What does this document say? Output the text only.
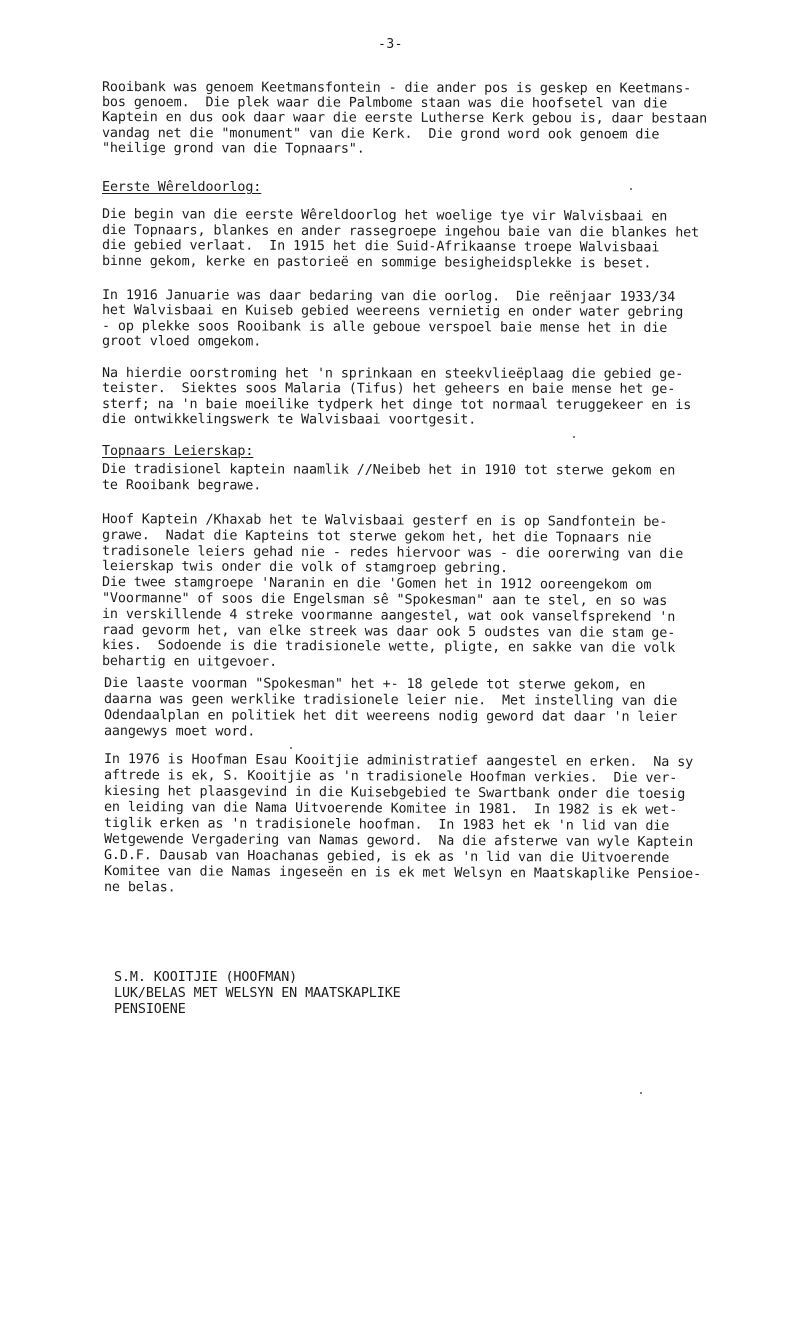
-3-
Rooibank was genoem Keetmansfontein - die ander pos is geskep en Keetmans-
bos genoem.  Die plek waar die Palmbome staan was die hoofsetel van die
Kaptein en dus ook daar waar die eerste Lutherse Kerk gebou is, daar bestaan
vandag net die "monument" van die Kerk.  Die grond word ook genoem die
"heilige grond van die Topnaars".
Eerste Wêreldoorlog:
Die begin van die eerste Wêreldoorlog het woelige tye vir Walvisbaai en
die Topnaars, blankes en ander rassegroepe ingehou baie van die blankes het
die gebied verlaat.  In 1915 het die Suid-Afrikaanse troepe Walvisbaai
binne gekom, kerke en pastorieë en sommige besigheidsplekke is beset.
In 1916 Januarie was daar bedaring van die oorlog.  Die reënjaar 1933/34
het Walvisbaai en Kuiseb gebied weereens vernietig en onder water gebring
- op plekke soos Rooibank is alle geboue verspoel baie mense het in die
groot vloed omgekom.
Na hierdie oorstroming het 'n sprinkaan en steekvlieëplaag die gebied ge-
teister.  Siektes soos Malaria (Tifus) het geheers en baie mense het ge-
sterf; na 'n baie moeilike tydperk het dinge tot normaal teruggekeer en is
die ontwikkelingswerk te Walvisbaai voortgesit.
Topnaars Leierskap:
Die tradisionel kaptein naamlik //Neibeb het in 1910 tot sterwe gekom en
te Rooibank begrawe.
Hoof Kaptein /Khaxab het te Walvisbaai gesterf en is op Sandfontein be-
grawe.  Nadat die Kapteins tot sterwe gekom het, het die Topnaars nie
tradisonele leiers gehad nie - redes hiervoor was - die oorerwing van die
leierskap twis onder die volk of stamgroep gebring.
Die twee stamgroepe 'Naranin en die 'Gomen het in 1912 ooreengekom om
"Voormanne" of soos die Engelsman sê "Spokesman" aan te stel, en so was
in verskillende 4 streke voormanne aangestel, wat ook vanselfsprekend 'n
raad gevorm het, van elke streek was daar ook 5 oudstes van die stam ge-
kies.  Sodoende is die tradisionele wette, pligte, en sakke van die volk
behartig en uitgevoer.
Die laaste voorman "Spokesman" het +- 18 gelede tot sterwe gekom, en
daarna was geen werklike tradisionele leier nie.  Met instelling van die
Odendaalplan en politiek het dit weereens nodig geword dat daar 'n leier
aangewys moet word.
In 1976 is Hoofman Esau Kooitjie administratief aangestel en erken.  Na sy
aftrede is ek, S. Kooitjie as 'n tradisionele Hoofman verkies.  Die ver-
kiesing het plaasgevind in die Kuisebgebied te Swartbank onder die toesig
en leiding van die Nama Uitvoerende Komitee in 1981.  In 1982 is ek wet-
tiglik erken as 'n tradisionele hoofman.  In 1983 het ek 'n lid van die
Wetgewende Vergadering van Namas geword.  Na die afsterwe van wyle Kaptein
G.D.F. Dausab van Hoachanas gebied, is ek as 'n lid van die Uitvoerende
Komitee van die Namas ingeseën en is ek met Welsyn en Maatskaplike Pensioe-
ne belas.
S.M. KOOITJIE (HOOFMAN)
LUK/BELAS MET WELSYN EN MAATSKAPLIKE
PENSIOENE
